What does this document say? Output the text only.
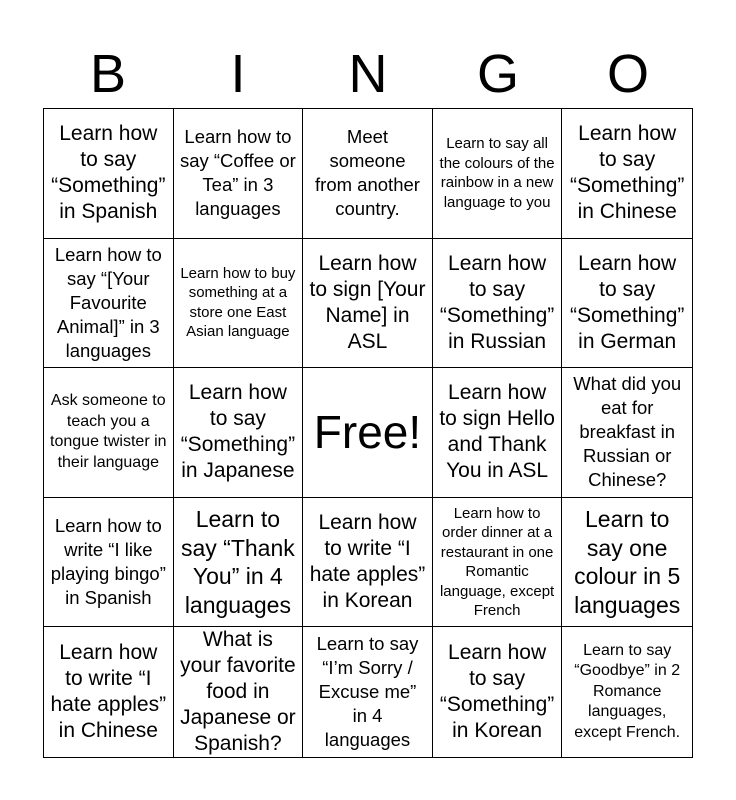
B	I	N	G	O
Learn how to say “Something” in Spanish
Learn how to say “Coffee or Tea” in 3 languages
Meet someone from another country.
Learn to say all the colours of the rainbow in a new language to you
Learn how to say “Something” in Chinese
Learn how to say “[Your Favourite Animal]” in 3 languages
Learn how to buy something at a store one East Asian language
Learn how to sign [Your Name] in ASL
Learn how to say “Something” in Russian
Learn how to say “Something” in German
Ask someone to teach you a tongue twister in their language
Learn how to say “Something” in Japanese
Free!
Learn how to sign Hello and Thank You in ASL
What did you eat for breakfast in Russian or Chinese?
Learn how to write “I like playing bingo” in Spanish
Learn to say “Thank You” in 4 languages
Learn how to write “I hate apples” in Korean
Learn how to order dinner at a restaurant in one Romantic language, except French
Learn to say one colour in 5 languages
Learn how to write “I hate apples” in Chinese
What is your favorite food in Japanese or Spanish?
Learn to say “I’m Sorry / Excuse me” in 4 languages
Learn how to say “Something” in Korean
Learn to say “Goodbye” in 2 Romance languages, except French.
